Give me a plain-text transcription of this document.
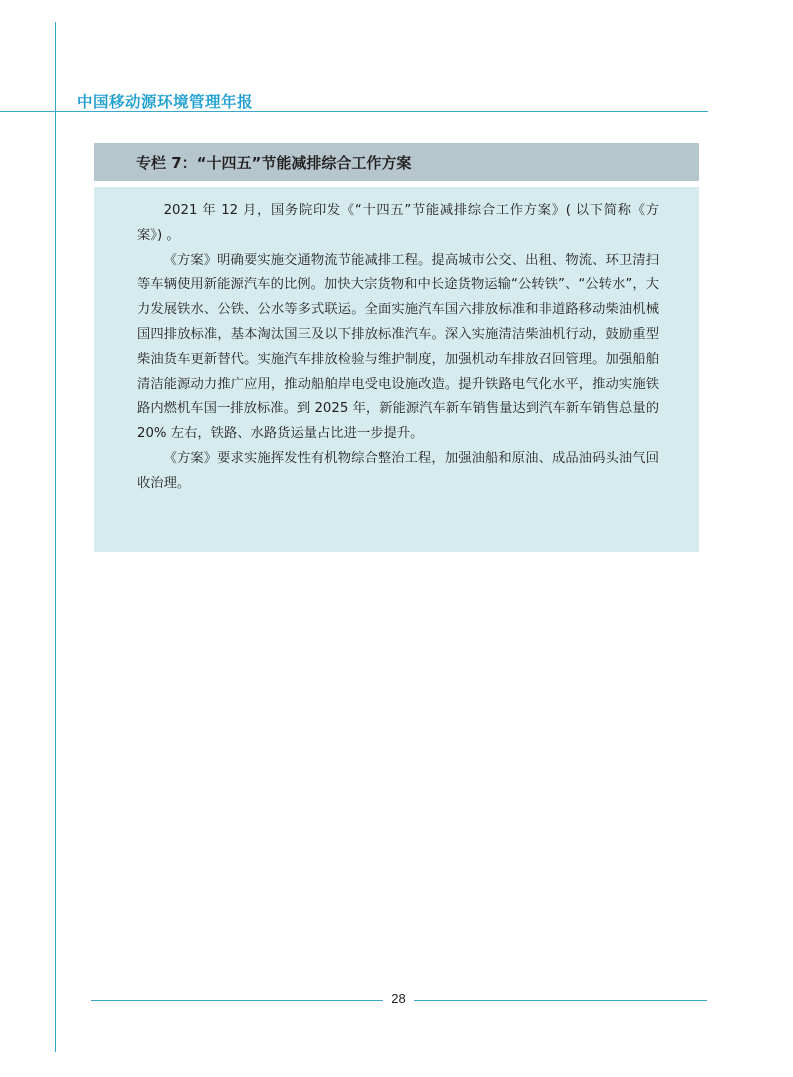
中国移动源环境管理年报
专栏 7：“十四五”节能减排综合工作方案

2021 年 12 月，国务院印发《“十四五”节能减排综合工作方案》( 以下简称《方案》) 。

《方案》明确要实施交通物流节能减排工程。提高城市公交、出租、物流、环卫清扫等车辆使用新能源汽车的比例。加快大宗货物和中长途货物运输“公转铁”、“公转水”，大力发展铁水、公铁、公水等多式联运。全面实施汽车国六排放标准和非道路移动柴油机械国四排放标准，基本淘汰国三及以下排放标准汽车。深入实施清洁柴油机行动，鼓励重型柴油货车更新替代。实施汽车排放检验与维护制度，加强机动车排放召回管理。加强船舶清洁能源动力推广应用，推动船舶岸电受电设施改造。提升铁路电气化水平，推动实施铁路内燃机车国一排放标准。到 2025 年，新能源汽车新车销售量达到汽车新车销售总量的 20% 左右，铁路、水路货运量占比进一步提升。

《方案》要求实施挥发性有机物综合整治工程，加强油船和原油、成品油码头油气回收治理。

28
